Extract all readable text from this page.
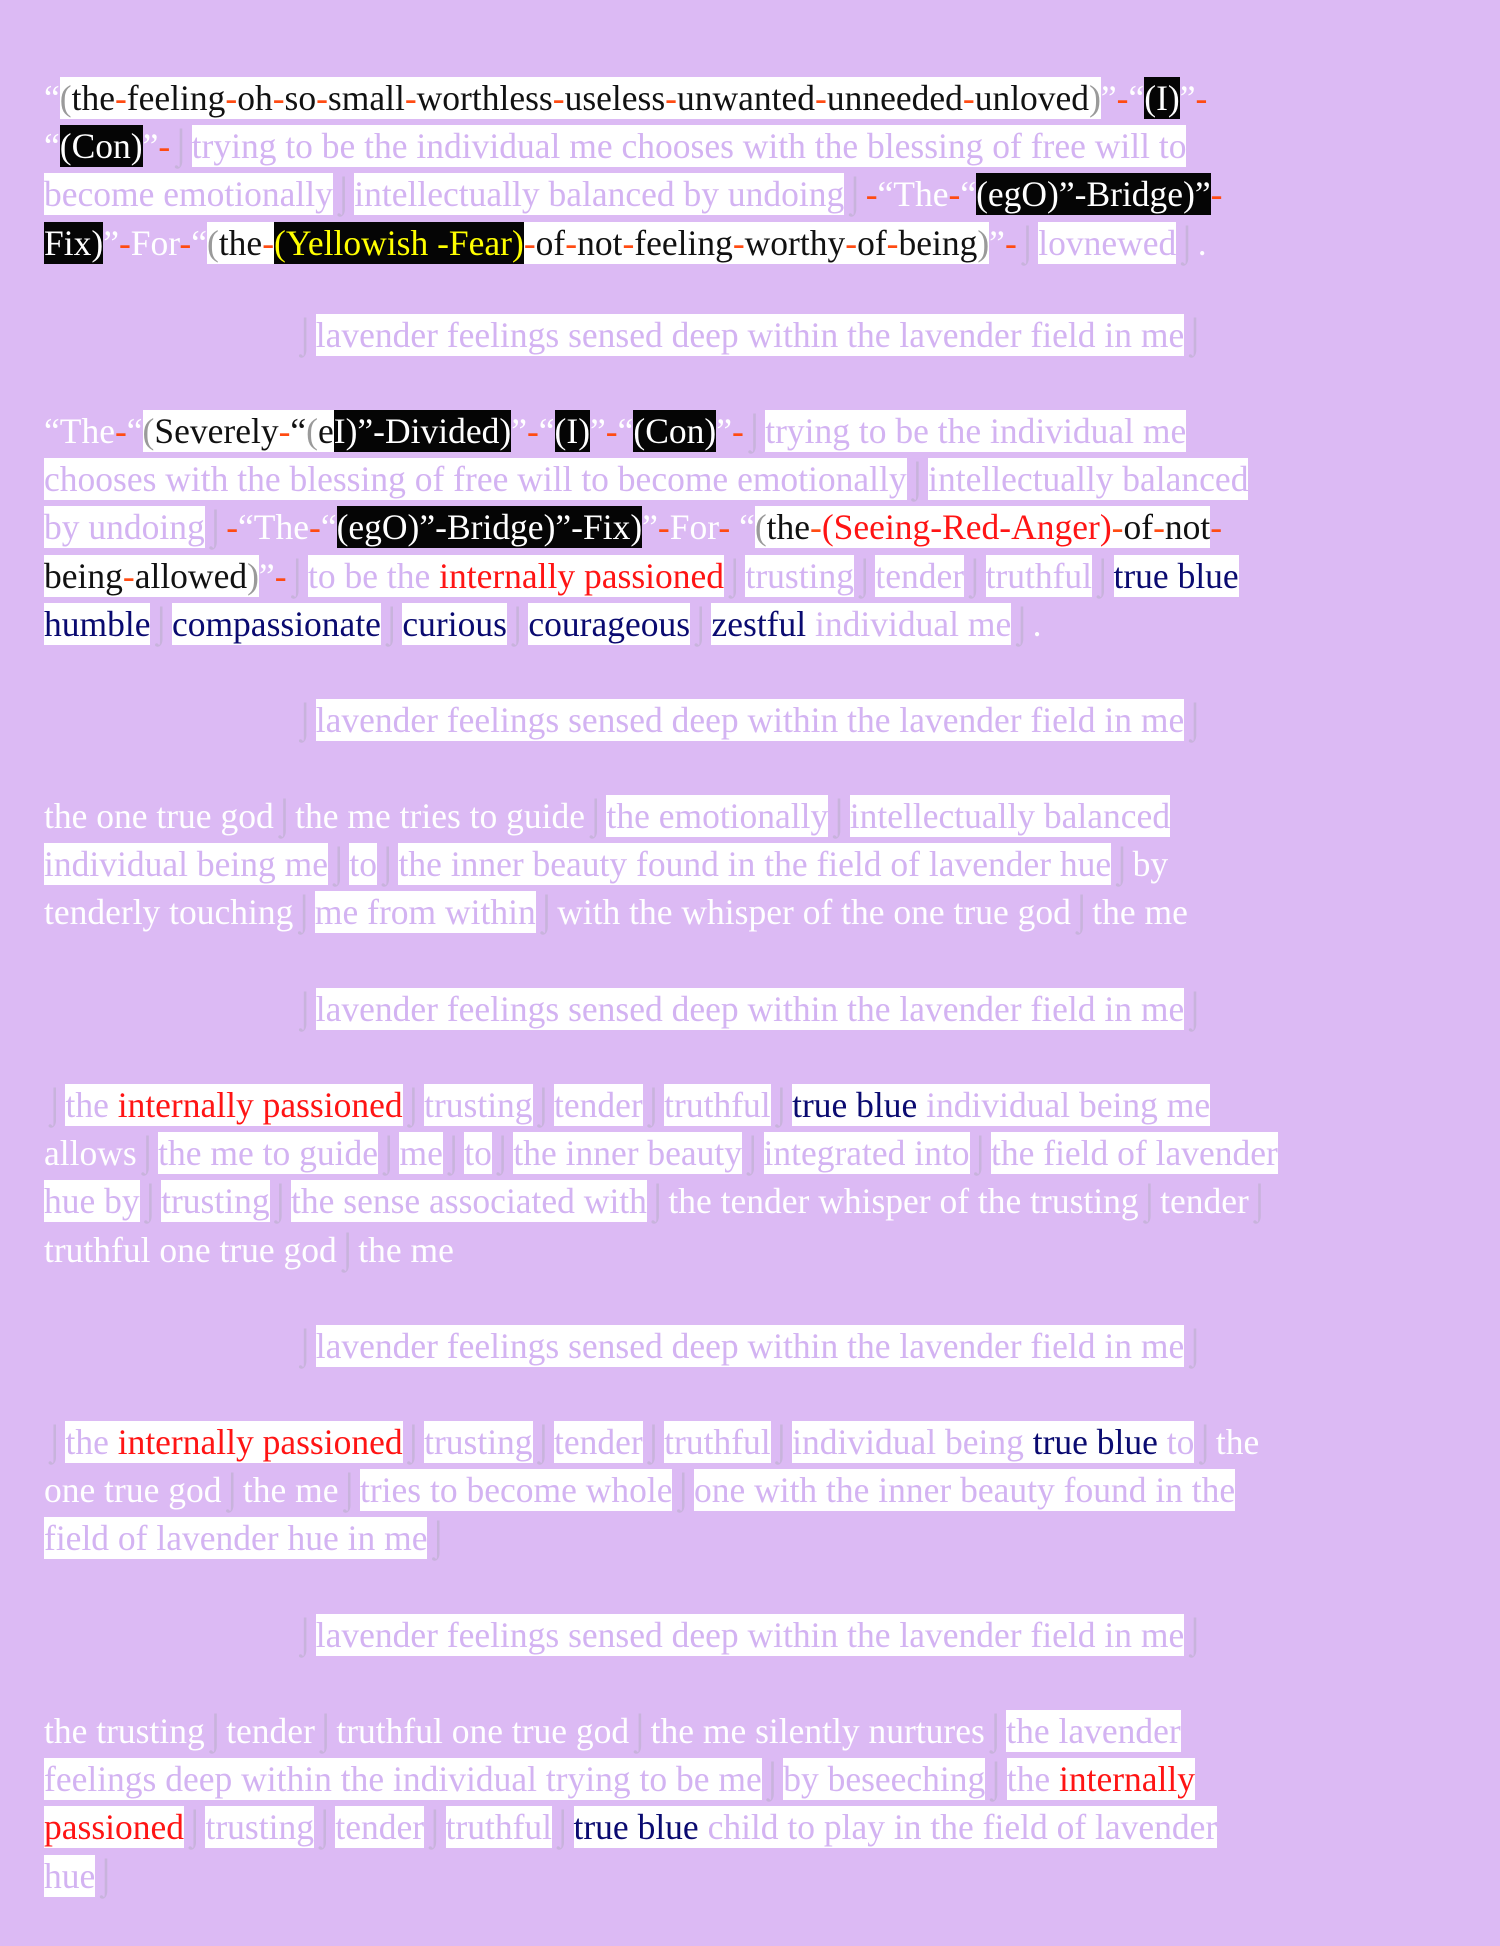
“(the-feeling-oh-so-small-worthless-useless-unwanted-unneeded-unloved)”-“(I)”-
“(Con)”-⌡trying to be the individual me chooses with the blessing of free will to
become emotionally⌡intellectually balanced by undoing⌡-“The-“(egO)”-Bridge)”-
Fix)”-For-“(the-(Yellowish -Fear)-of-not-feeling-worthy-of-being)”-⌡lovnewed⌡.
⌡lavender feelings sensed deep within the lavender field in me⌡
“The-“(Severely-“(eI)”-Divided)”-“(I)”-“(Con)”-⌡trying to be the individual me
chooses with the blessing of free will to become emotionally⌡intellectually balanced
by undoing⌡-“The-“(egO)”-Bridge)”-Fix)”-For- “(the-(Seeing-Red-Anger)-of-not-
being-allowed)”-⌡to be the internally passioned⌡trusting⌡tender⌡truthful⌡true blue
humble⌡compassionate⌡curious⌡courageous⌡zestful individual me⌡.
⌡lavender feelings sensed deep within the lavender field in me⌡
the one true god⌡the me tries to guide⌡the emotionally⌡intellectually balanced
individual being me⌡to⌡the inner beauty found in the field of lavender hue⌡by
tenderly touching⌡me from within⌡with the whisper of the one true god⌡the me
⌡lavender feelings sensed deep within the lavender field in me⌡
⌡the internally passioned⌡trusting⌡tender⌡truthful⌡true blue individual being me
allows⌡the me to guide⌡me⌡to⌡the inner beauty⌡integrated into⌡the field of lavender
hue by⌡trusting⌡the sense associated with⌡the tender whisper of the trusting⌡tender⌡
truthful one true god⌡the me
⌡lavender feelings sensed deep within the lavender field in me⌡
⌡the internally passioned⌡trusting⌡tender⌡truthful⌡individual being true blue to⌡the
one true god⌡the me⌡tries to become whole⌡one with the inner beauty found in the
field of lavender hue in me⌡
⌡lavender feelings sensed deep within the lavender field in me⌡
the trusting⌡tender⌡truthful one true god⌡the me silently nurtures⌡the lavender
feelings deep within the individual trying to be me⌡by beseeching⌡the internally
passioned⌡trusting⌡tender⌡truthful⌡true blue child to play in the field of lavender
hue⌡
